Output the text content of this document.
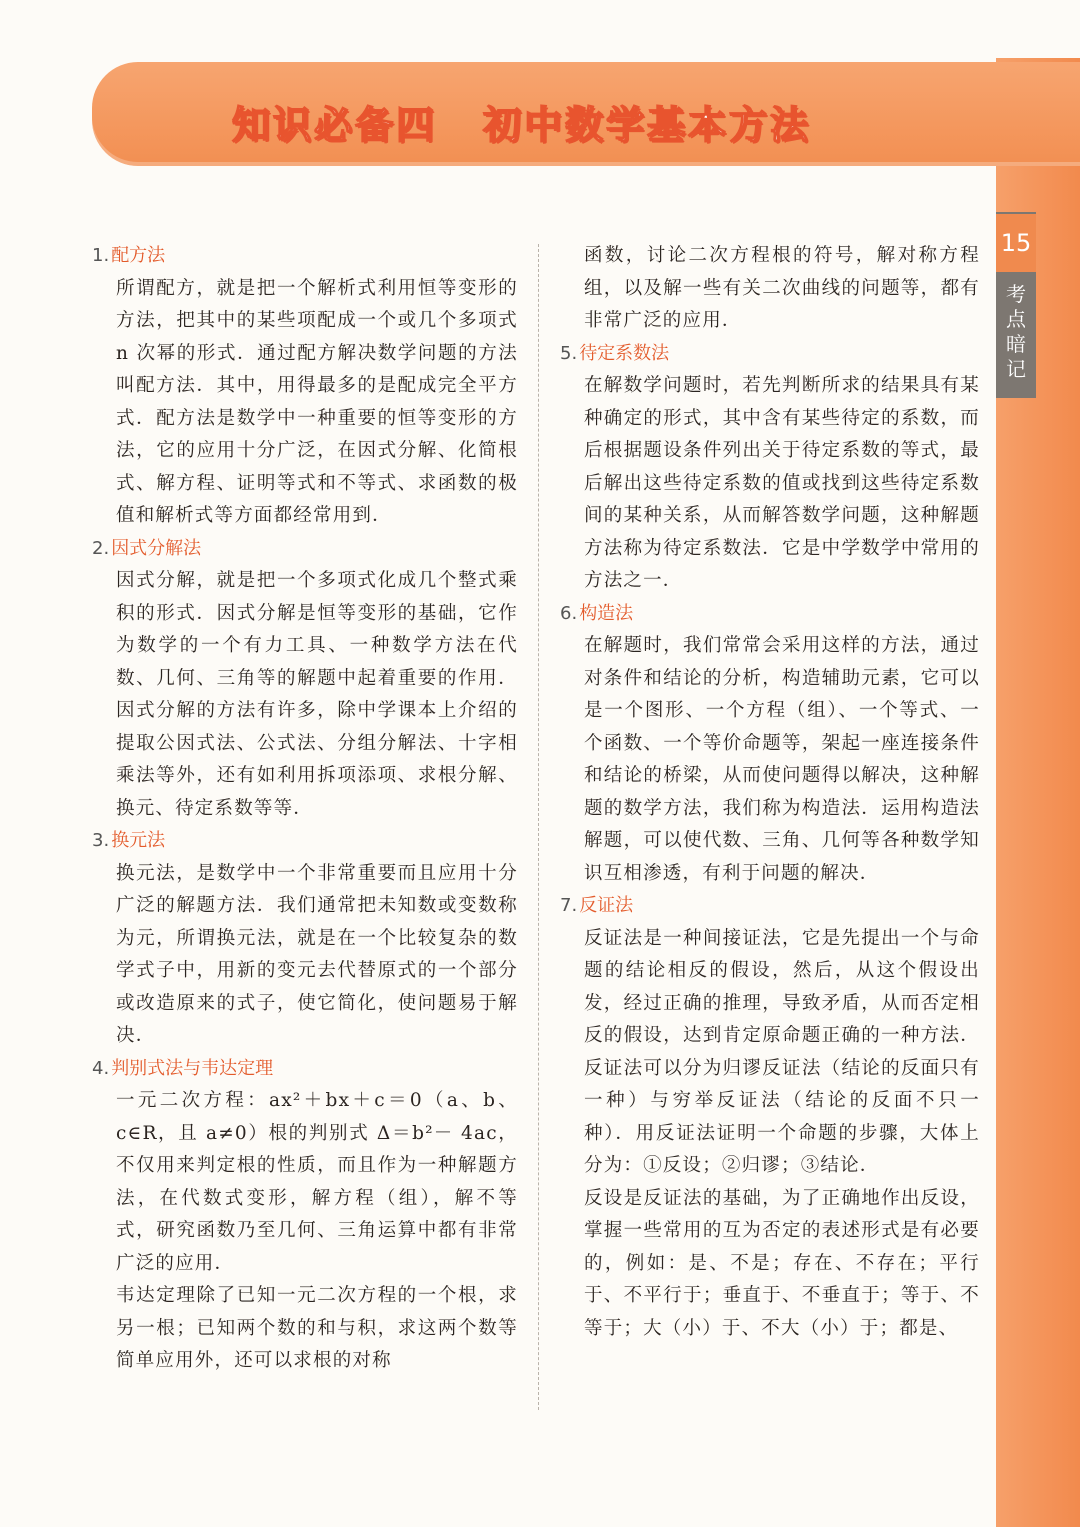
知识必备四 初中数学基本方法
15
考
点
暗
记
1. 配方法

所谓配方，就是把一个解析式利用恒等变形的方法，把其中的某些项配成一个或几个多项式 n 次幂的形式．通过配方解决数学问题的方法叫配方法．其中，用得最多的是配成完全平方式．配方法是数学中一种重要的恒等变形的方法，它的应用十分广泛，在因式分解、化简根式、解方程、证明等式和不等式、求函数的极值和解析式等方面都经常用到．

2. 因式分解法

因式分解，就是把一个多项式化成几个整式乘积的形式．因式分解是恒等变形的基础，它作为数学的一个有力工具、一种数学方法在代数、几何、三角等的解题中起着重要的作用．因式分解的方法有许多，除中学课本上介绍的提取公因式法、公式法、分组分解法、十字相乘法等外，还有如利用拆项添项、求根分解、换元、待定系数等等．

3. 换元法

换元法，是数学中一个非常重要而且应用十分广泛的解题方法．我们通常把未知数或变数称为元，所谓换元法，就是在一个比较复杂的数学式子中，用新的变元去代替原式的一个部分或改造原来的式子，使它简化，使问题易于解决．

4. 判别式法与韦达定理

一元二次方程：ax²＋bx＋c＝0（a、b、c∈R，且 a≠0）根的判别式 Δ＝b²－ 4ac，不仅用来判定根的性质，而且作为一种解题方法，在代数式变形，解方程（组），解不等式，研究函数乃至几何、三角运算中都有非常广泛的应用．

韦达定理除了已知一元二次方程的一个根，求另一根；已知两个数的和与积，求这两个数等简单应用外，还可以求根的对称

函数，讨论二次方程根的符号，解对称方程组，以及解一些有关二次曲线的问题等，都有非常广泛的应用．

5. 待定系数法

在解数学问题时，若先判断所求的结果具有某种确定的形式，其中含有某些待定的系数，而后根据题设条件列出关于待定系数的等式，最后解出这些待定系数的值或找到这些待定系数间的某种关系，从而解答数学问题，这种解题方法称为待定系数法．它是中学数学中常用的方法之一．

6. 构造法

在解题时，我们常常会采用这样的方法，通过对条件和结论的分析，构造辅助元素，它可以是一个图形、一个方程（组）、一个等式、一个函数、一个等价命题等，架起一座连接条件和结论的桥梁，从而使问题得以解决，这种解题的数学方法，我们称为构造法．运用构造法解题，可以使代数、三角、几何等各种数学知识互相渗透，有利于问题的解决．

7. 反证法

反证法是一种间接证法，它是先提出一个与命题的结论相反的假设，然后，从这个假设出发，经过正确的推理，导致矛盾，从而否定相反的假设，达到肯定原命题正确的一种方法．反证法可以分为归谬反证法（结论的反面只有一种）与穷举反证法（结论的反面不只一种）．用反证法证明一个命题的步骤，大体上分为：①反设；②归谬；③结论．

反设是反证法的基础，为了正确地作出反设，掌握一些常用的互为否定的表述形式是有必要的，例如：是、不是；存在、不存在；平行于、不平行于；垂直于、不垂直于；等于、不等于；大（小）于、不大（小）于；都是、
